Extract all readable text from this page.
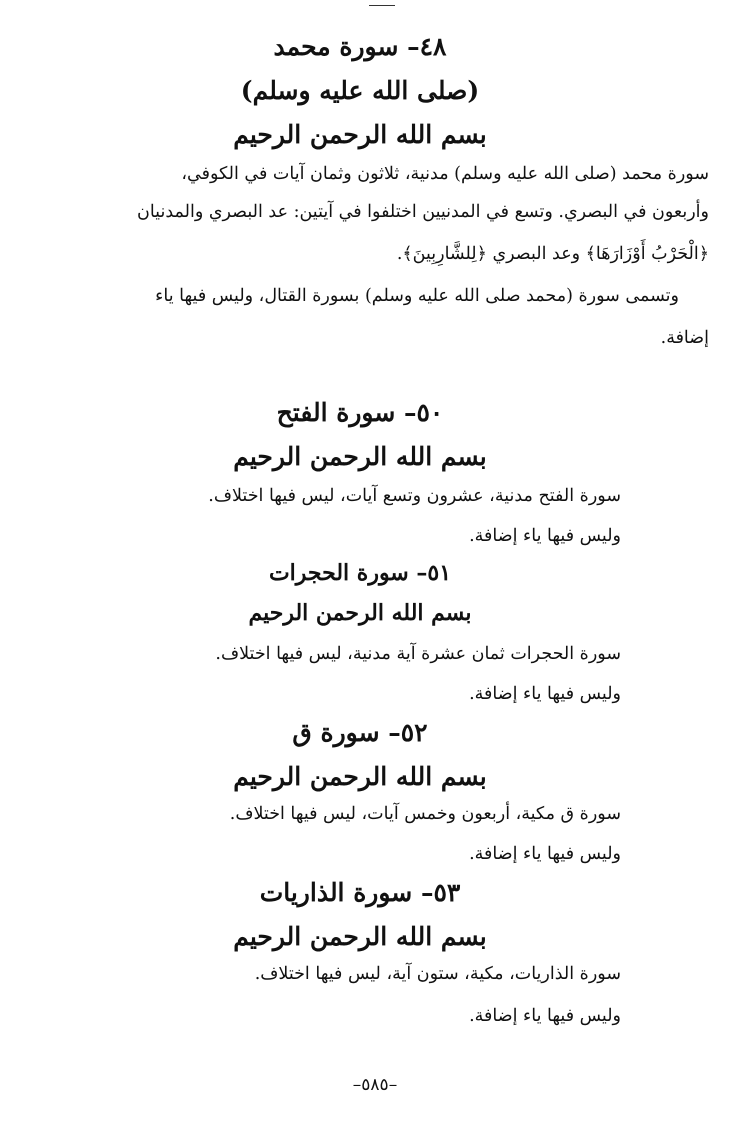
٤٨– سورة محمد
(صلى الله عليه وسلم)
بسم الله الرحمن الرحيم
سورة محمد (صلى الله عليه وسلم) مدنية، ثلاثون وثمان آيات في الكوفي،
وأربعون في البصري. وتسع في المدنيين اختلفوا في آيتين: عد البصري والمدنيان
﴿الْحَرْبُ أَوْزَارَهَا﴾ وعد البصري ﴿لِلشَّارِبِينَ﴾.
وتسمى سورة (محمد صلى الله عليه وسلم) بسورة القتال، وليس فيها ياء
إضافة.
٥٠– سورة الفتح
بسم الله الرحمن الرحيم
سورة الفتح مدنية، عشرون وتسع آيات، ليس فيها اختلاف.
وليس فيها ياء إضافة.
٥١– سورة الحجرات
بسم الله الرحمن الرحيم
سورة الحجرات ثمان عشرة آية مدنية، ليس فيها اختلاف.
وليس فيها ياء إضافة.
٥٢– سورة ق
بسم الله الرحمن الرحيم
سورة ق مكية، أربعون وخمس آيات، ليس فيها اختلاف.
وليس فيها ياء إضافة.
٥٣– سورة الذاريات
بسم الله الرحمن الرحيم
سورة الذاريات، مكية، ستون آية، ليس فيها اختلاف.
وليس فيها ياء إضافة.
–٥٨٥–
